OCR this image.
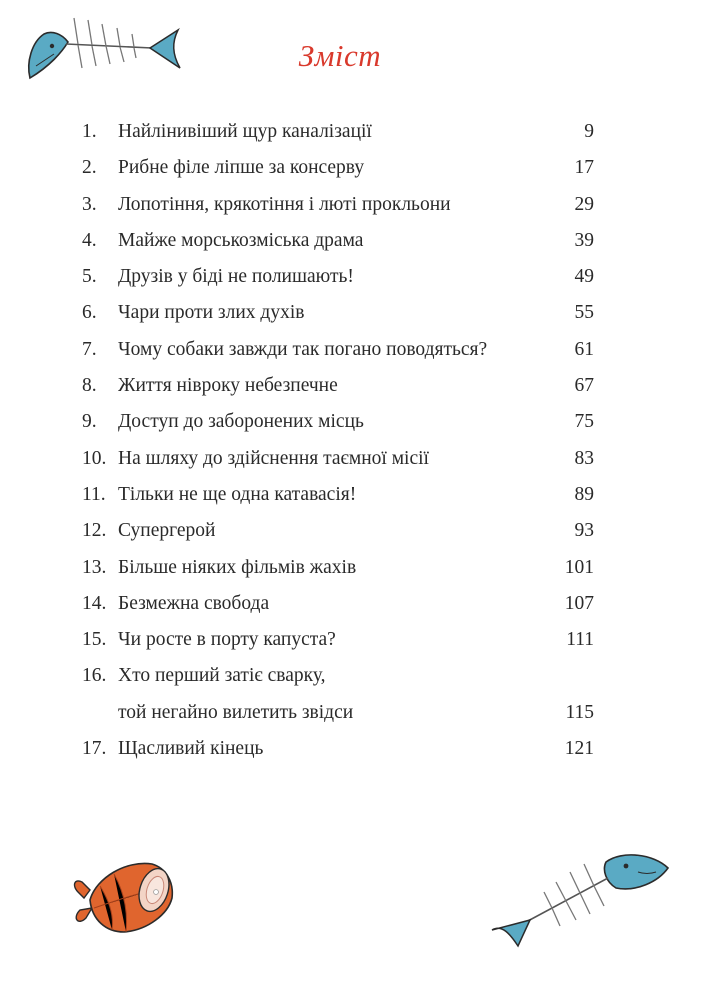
Зміст
1.	Найлінивіший щур каналізації	9
2.	Рибне філе ліпше за консерву	17
3.	Лопотіння, крякотіння і люті прокльони	29
4.	Майже морськозміська драма	39
5.	Друзів у біді не полишають!	49
6.	Чари проти злих духів	55
7.	Чому собаки завжди так погано поводяться?	61
8.	Життя нівроку небезпечне	67
9.	Доступ до заборонених місць	75
10. На шляху до здійснення таємної місії	83
11. Тільки не ще одна катавасія!	89
12. Супергерой	93
13. Більше ніяких фільмів жахів	101
14. Безмежна свобода	107
15. Чи росте в порту капуста?	111
16. Хто перший затіє сварку,
той негайно вилетить звідси	115
17. Щасливий кінець	121
